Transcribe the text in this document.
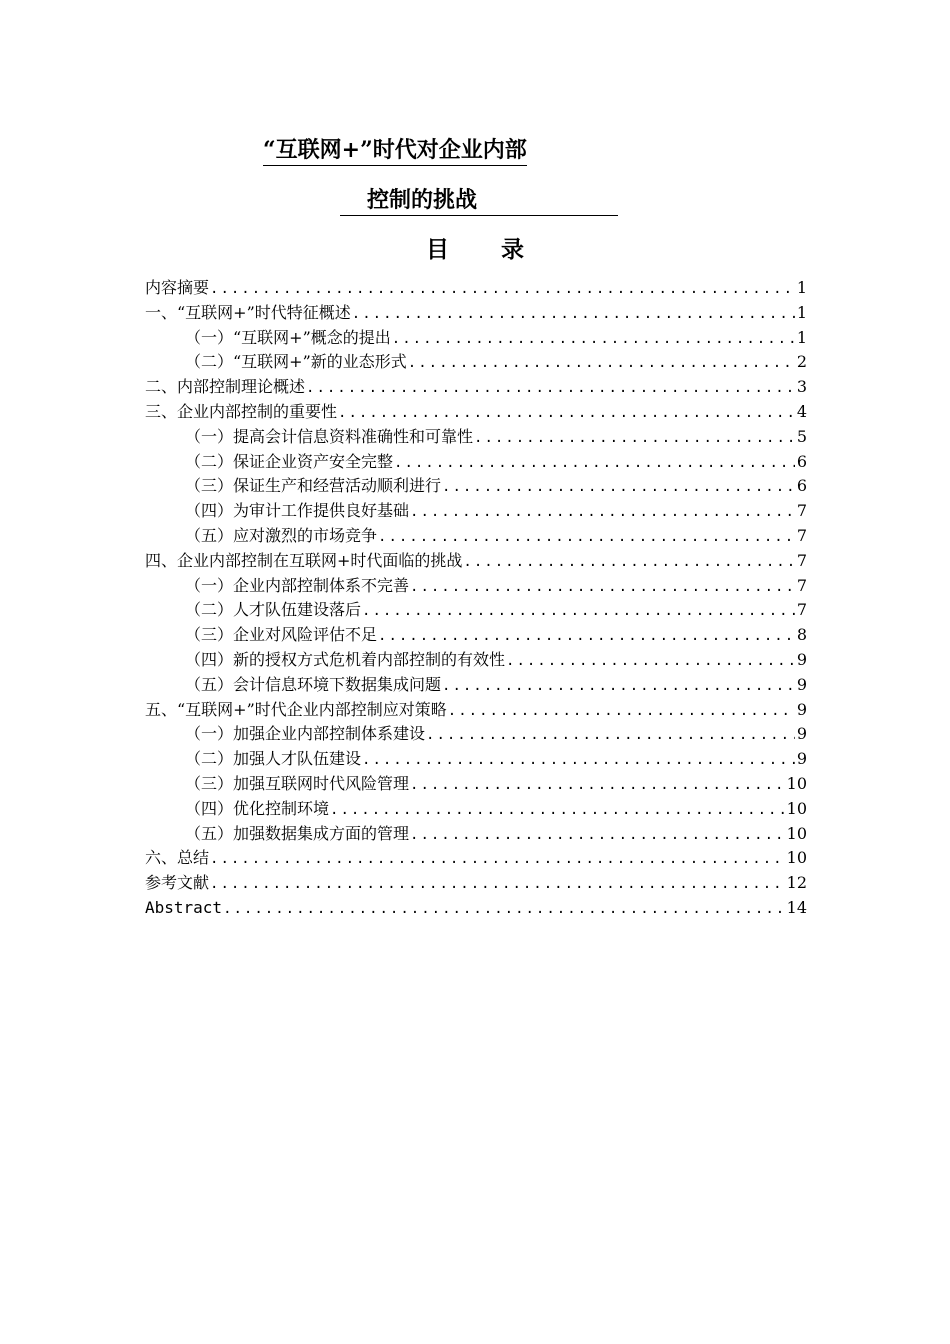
“互联网+”时代对企业内部
控制的挑战
目 录
内容摘要 .....	1
一、“互联网+”时代特征概述 .....	1
（一）“互联网+”概念的提出 .....	1
（二）“互联网+”新的业态形式 .....	2
二、内部控制理论概述 .....	3
三、企业内部控制的重要性 .....	4
（一）提高会计信息资料准确性和可靠性 .....	5
（二）保证企业资产安全完整 .....	6
（三）保证生产和经营活动顺利进行 .....	6
（四）为审计工作提供良好基础 .....	7
（五）应对激烈的市场竞争 .....	7
四、企业内部控制在互联网+时代面临的挑战 .....	7
（一）企业内部控制体系不完善 .....	7
（二）人才队伍建设落后 .....	7
（三）企业对风险评估不足 .....	8
（四）新的授权方式危机着内部控制的有效性 .....	9
（五）会计信息环境下数据集成问题 .....	9
五、“互联网+”时代企业内部控制应对策略 .....	9
（一）加强企业内部控制体系建设 .....	9
（二）加强人才队伍建设 .....	9
（三）加强互联网时代风险管理 .....	10
（四）优化控制环境 .....	10
（五）加强数据集成方面的管理 .....	10
六、总结 .....	10
参考文献 .....	12
Abstract .....	14
